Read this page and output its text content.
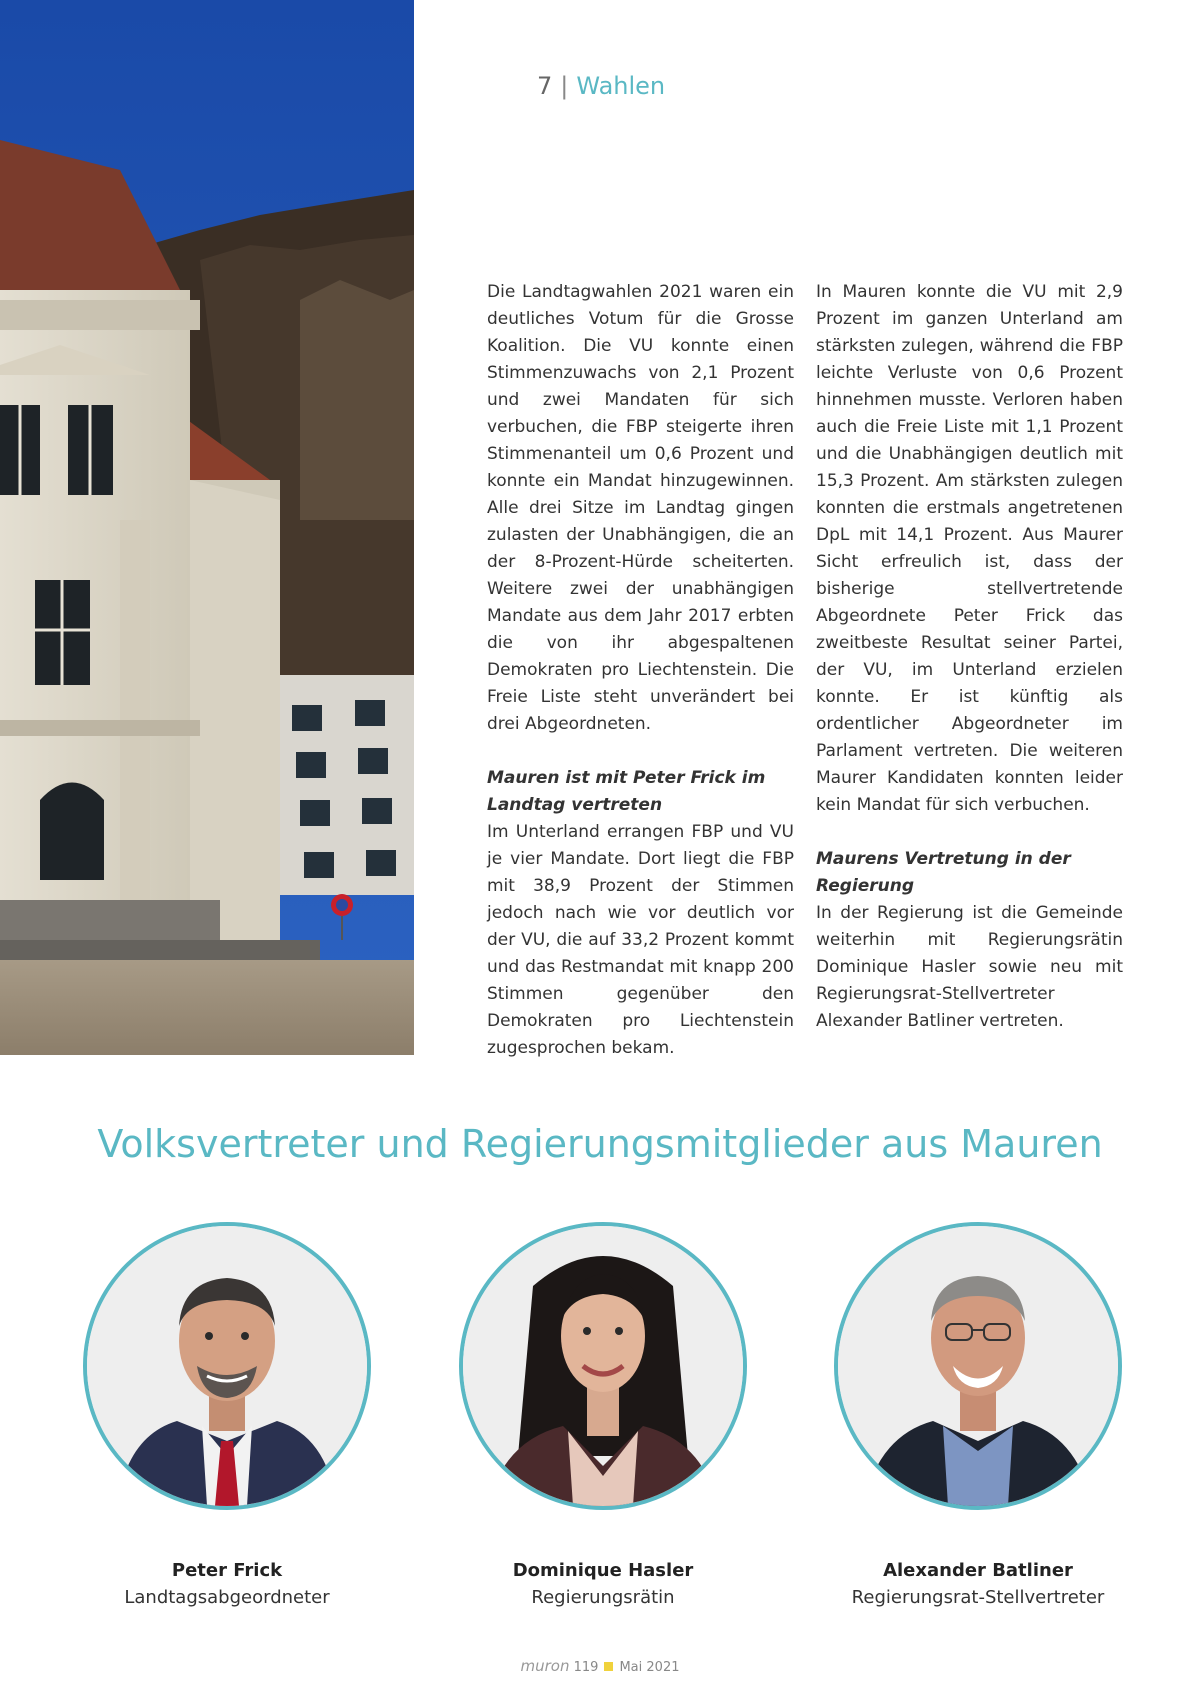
7 | Wahlen

Die Landtagwahlen 2021 waren ein deutliches Votum für die Grosse Koalition. Die VU konnte einen Stimmenzuwachs von 2,1 Prozent und zwei Mandaten für sich verbuchen, die FBP steigerte ihren Stimmenanteil um 0,6 Prozent und konnte ein Mandat hinzugewinnen. Alle drei Sitze im Landtag gingen zulasten der Unabhängigen, die an der 8-Prozent-Hürde scheiterten. Weitere zwei der unabhängigen Mandate aus dem Jahr 2017 erbten die von ihr abgespaltenen Demokraten pro Liechtenstein. Die Freie Liste steht unverändert bei drei Abgeordneten.

Mauren ist mit Peter Frick im Landtag vertreten

Im Unterland errangen FBP und VU je vier Mandate. Dort liegt die FBP mit 38,9 Prozent der Stimmen jedoch nach wie vor deutlich vor der VU, die auf 33,2 Prozent kommt und das Restmandat mit knapp 200 Stimmen gegenüber den Demokraten pro Liechtenstein zugesprochen bekam.

In Mauren konnte die VU mit 2,9 Prozent im ganzen Unterland am stärksten zulegen, während die FBP leichte Verluste von 0,6 Prozent hinnehmen musste. Verloren haben auch die Freie Liste mit 1,1 Prozent und die Unabhängigen deutlich mit 15,3 Prozent. Am stärksten zulegen konnten die erstmals angetretenen DpL mit 14,1 Prozent. Aus Maurer Sicht erfreulich ist, dass der bisherige stellvertretende Abgeordnete Peter Frick das zweitbeste Resultat seiner Partei, der VU, im Unterland erzielen konnte. Er ist künftig als ordentlicher Abgeordneter im Parlament vertreten. Die weiteren Maurer Kandidaten konnten leider kein Mandat für sich verbuchen.

Maurens Vertretung in der Regierung

In der Regierung ist die Gemeinde weiterhin mit Regierungsrätin Dominique Hasler sowie neu mit Regierungsrat-Stellvertreter Alexander Batliner vertreten.

Volksvertreter und Regierungsmitglieder aus Mauren
Peter Frick
Landtagsabgeordneter
Dominique Hasler
Regierungsrätin
Alexander Batliner
Regierungsrat-Stellvertreter
muron 119 Mai 2021
